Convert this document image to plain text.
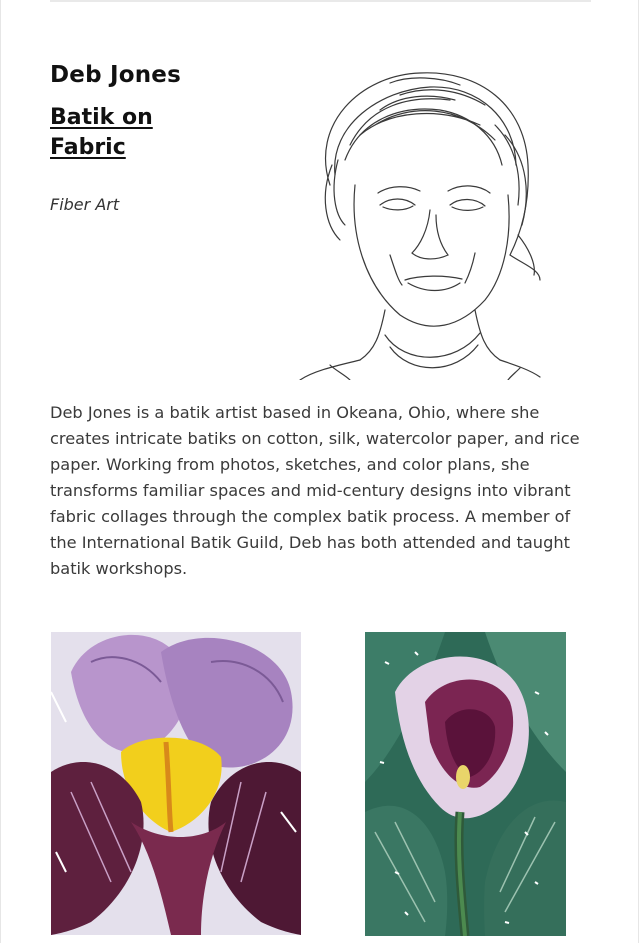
Deb Jones
Batik on Fabric
Fiber Art

Deb Jones is a batik artist based in Okeana, Ohio, where she creates intricate batiks on cotton, silk, watercolor paper, and rice paper. Working from photos, sketches, and color plans, she transforms familiar spaces and mid-century designs into vibrant fabric collages through the complex batik process. A member of the International Batik Guild, Deb has both attended and taught batik workshops.
